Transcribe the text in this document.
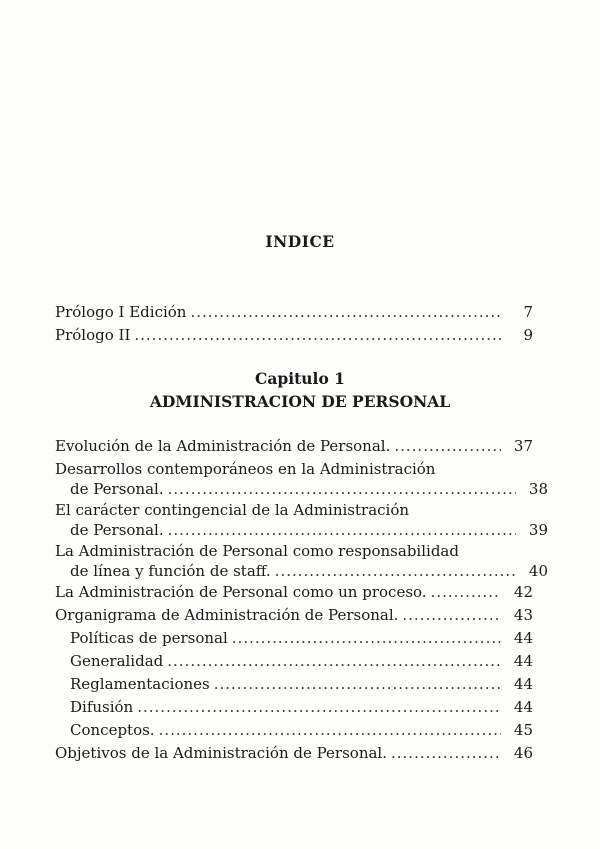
INDICE
Prólogo I Edición .....	7
Prólogo II .....	9
Capitulo 1
ADMINISTRACION DE PERSONAL
Evolución de la Administración de Personal. .....	37
Desarrollos contemporáneos en la Administración
de Personal. .....	38
El carácter contingencial de la Administración
de Personal. .....	39
La Administración de Personal como responsabilidad
de línea y función de staff. .....	40
La Administración de Personal como un proceso. .....	42
Organigrama de Administración de Personal. .....	43
Políticas de personal .....	44
Generalidad .....	44
Reglamentaciones .....	44
Difusión .....	44
Conceptos. .....	45
Objetivos de la Administración de Personal. .....	46
